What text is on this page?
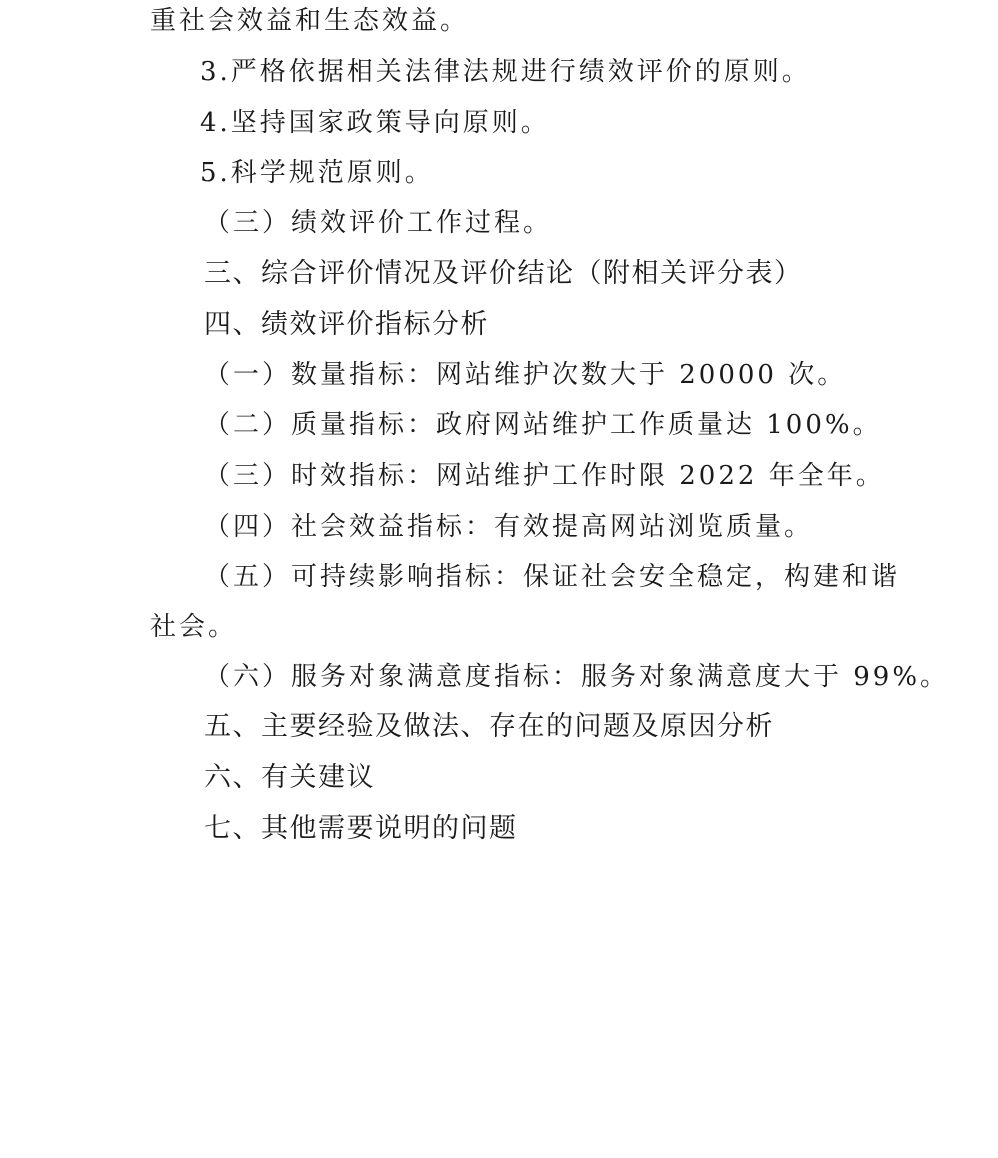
重社会效益和生态效益。
3.严格依据相关法律法规进行绩效评价的原则。
4.坚持国家政策导向原则。
5.科学规范原则。
（三）绩效评价工作过程。
三、综合评价情况及评价结论（附相关评分表）
四、绩效评价指标分析
（一）数量指标：网站维护次数大于 20000 次。
（二）质量指标：政府网站维护工作质量达 100%。
（三）时效指标：网站维护工作时限 2022 年全年。
（四）社会效益指标：有效提高网站浏览质量。
（五）可持续影响指标：保证社会安全稳定，构建和谐
社会。
（六）服务对象满意度指标：服务对象满意度大于 99%。
五、主要经验及做法、存在的问题及原因分析
六、有关建议
七、其他需要说明的问题
